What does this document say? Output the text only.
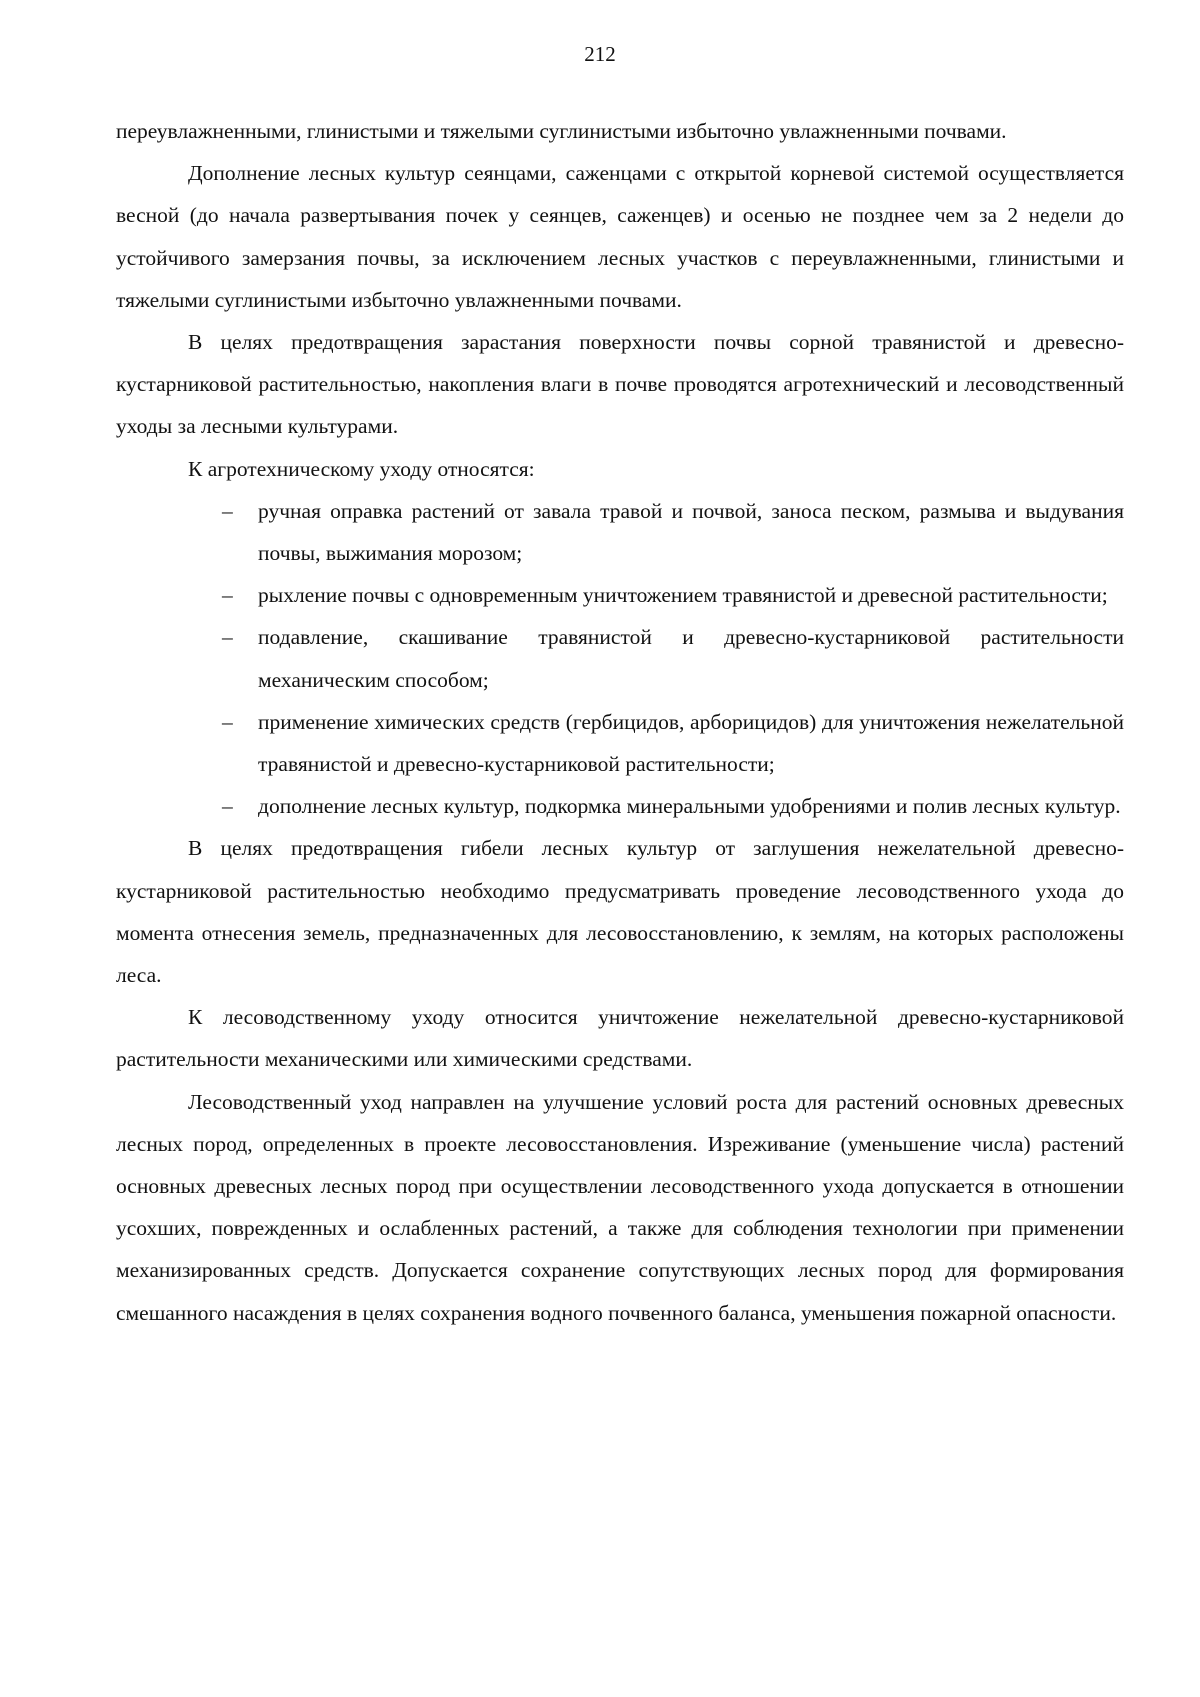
212

переувлажненными, глинистыми и тяжелыми суглинистыми избыточно увлажненными почвами.

Дополнение лесных культур сеянцами, саженцами с открытой корневой системой осуществляется весной (до начала развертывания почек у сеянцев, саженцев) и осенью не позднее чем за 2 недели до устойчивого замерзания почвы, за исключением лесных участков с переувлажненными, глинистыми и тяжелыми суглинистыми избыточно увлажненными почвами.

В целях предотвращения зарастания поверхности почвы сорной травянистой и древесно-кустарниковой растительностью, накопления влаги в почве проводятся агротехнический и лесоводственный уходы за лесными культурами.

К агротехническому уходу относятся:

– ручная оправка растений от завала травой и почвой, заноса песком, размыва и выдувания почвы, выжимания морозом;
– рыхление почвы с одновременным уничтожением травянистой и древесной растительности;
– подавление, скашивание травянистой и древесно-кустарниковой растительности механическим способом;
– применение химических средств (гербицидов, арборицидов) для уничтожения нежелательной травянистой и древесно-кустарниковой растительности;
– дополнение лесных культур, подкормка минеральными удобрениями и полив лесных культур.

В целях предотвращения гибели лесных культур от заглушения нежелательной древесно-кустарниковой растительностью необходимо предусматривать проведение лесоводственного ухода до момента отнесения земель, предназначенных для лесовосстановлению, к землям, на которых расположены леса.

К лесоводственному уходу относится уничтожение нежелательной древесно-кустарниковой растительности механическими или химическими средствами.

Лесоводственный уход направлен на улучшение условий роста для растений основных древесных лесных пород, определенных в проекте лесовосстановления. Изреживание (уменьшение числа) растений основных древесных лесных пород при осуществлении лесоводственного ухода допускается в отношении усохших, поврежденных и ослабленных растений, а также для соблюдения технологии при применении механизированных средств. Допускается сохранение сопутствующих лесных пород для формирования смешанного насаждения в целях сохранения водного почвенного баланса, уменьшения пожарной опасности.
